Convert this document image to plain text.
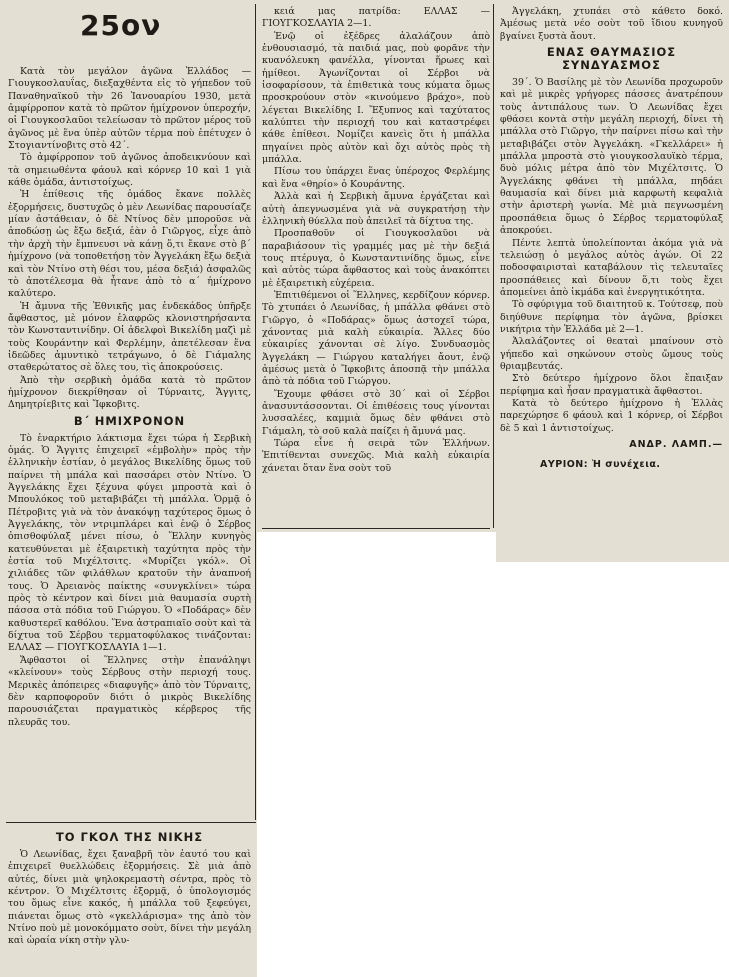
25ον

Κατὰ τὸν μεγάλον ἀγῶνα Ἑλλάδος — Γιουγκοσλαυΐας, διεξαχθέντα εἰς τὸ γήπεδον τοῦ Παναθηναϊκοῦ τὴν 26 Ἰανουαρίου 1930, μετὰ ἀμφίρροπον κατὰ τὸ πρῶτον ἡμίχρονον ὑπεροχήν, οἱ Γιουγκοσλαῦοι τελείωσαν τὸ πρῶτον μέρος τοῦ ἀγῶνος μὲ ἕνα ὑπὲρ αὐτῶν τέρμα ποὺ ἐπέτυχεν ὁ Στογιαντίνοβιτς στὸ 42΄.

Τὸ ἀμφίρροπον τοῦ ἀγῶνος ἀποδεικνύουν καὶ τὰ σημειωθέντα φάουλ καὶ κόρνερ 10 καὶ 1 γιὰ κάθε ὁμάδα, ἀντιστοίχως.

Ἡ ἐπίθεσις τῆς ὁμάδος ἔκανε πολλὲς ἐξορμήσεις, δυστυχῶς ὁ μὲν Λεωνίδας παρουσίαζε μίαν ἀστάθειαν, ὁ δὲ Ντίνος δὲν μποροῦσε νὰ ἀποδώσῃ ὡς ἔξω δεξιά, ἐὰν ὁ Γιῶργος, εἶχε ἀπὸ τὴν ἀρχὴ τὴν ἔμπνευσι νὰ κάνῃ ὅ,τι ἔκανε στὸ β΄ ἡμίχρονο (νὰ τοποθετήσῃ τὸν Ἀγγελάκη ἔξω δεξιὰ καὶ τὸν Ντίνο στὴ θέσι του, μέσα δεξιά) ἀσφαλῶς τὸ ἀποτέλεσμα θὰ ἦτανε ἀπὸ τὸ α΄ ἡμίχρονο καλύτερο.

Ἡ ἄμυνα τῆς Ἐθνικῆς μας ἐνδεκάδος ὑπῆρξε ἄφθαστος, μὲ μόνον ἐλαφρῶς κλονιστηρήσαντα τὸν Κωνσταντινίδην. Οἱ ἀδελφοὶ Βικελίδη μαζὶ μὲ τοὺς Κουράντην καὶ Φερλέμην, ἀπετέλεσαν ἕνα ἰδεῶδες ἀμυντικὸ τετράγωνο, ὁ δὲ Γιάμαλης σταθερώτατος σὲ ὅλες του, τὶς ἀποκρούσεις.

Ἀπὸ τὴν σερβικὴ ὁμάδα κατὰ τὸ πρῶτον ἡμίχρονον διεκρίθησαν οἱ Τύρναιτς, Ἄγγιτς, Δημητρίεβιτς καὶ Ἴφκοβιτς.

Β΄ ΗΜΙΧΡΟΝΟΝ

Τὸ ἐναρκτήριο λάκτισμα ἔχει τώρα ἡ Σερβικὴ ὁμάς. Ὁ Ἄγγιτς ἐπιχειρεῖ «ἐμβολὴν» πρὸς τὴν ἑλληνικὴν ἑστίαν, ὁ μεγάλος Βικελίδης ὅμως τοῦ παίρνει τὴ μπάλα καὶ πασσάρει στὸν Ντίνο. Ὁ Ἀγγελάκης ἔχει ξέχυνα φύγει μπροστὰ καὶ ὁ Μπουλόκος τοῦ μεταβιβάζει τὴ μπάλλα. Ὁρμᾷ ὁ Πέτροβιτς γιὰ νὰ τὸν ἀνακόψῃ ταχύτερος ὅμως ὁ Ἀγγελάκης, τὸν ντριμπλάρει καὶ ἐνῷ ὁ Σέρβος ὀπισθοφύλαξ μένει πίσω, ὁ Ἕλλην κυνηγὸς κατευθύνεται μὲ ἐξαιρετικὴ ταχύτητα πρὸς τὴν ἑστία τοῦ Μιχέλτσιτς. «Μυρίζει γκόλ». Οἱ χιλιάδες τῶν φιλάθλων κρατοῦν τὴν ἀναπνοή τους. Ὁ Ἀρειανὸς παίκτης «συνγκλίνει» τώρα πρὸς τὸ κέντρον καὶ δίνει μιὰ θαυμασία συρτὴ πάσσα στὰ πόδια τοῦ Γιώργου. Ὁ «Ποδάρας» δὲν καθυστερεῖ καθόλου. Ἕνα ἀστραπιαῖο σοὺτ καὶ τὰ δίχτυα τοῦ Σέρβου τερματοφύλακος τινάζονται: ΕΛΛΑΣ — ΓΙΟΥΓΚΟΣΛΑΥΙΑ 1—1.

Ἄφθαστοι οἱ Ἕλληνες στὴν ἐπανάληψι «κλείνουν» τοὺς Σέρβους στὴν περιοχή τους. Μερικὲς ἀπόπειρες «διαφυγῆς» ἀπὸ τὸν Τύρναιτς, δὲν καρποφοροῦν διότι ὁ μικρὸς Βικελίδης παρουσιάζεται πραγματικὸς κέρβερος τῆς πλευρᾶς του.

κειά μας πατρίδα: ΕΛΛΑΣ — ΓΙΟΥΓΚΟΣΛΑΥΙΑ 2—1.

Ἐνῷ οἱ ἐξέδρες ἀλαλάζουν ἀπὸ ἐνθουσιασμό, τὰ παιδιά μας, ποὺ φορᾶνε τὴν κυανόλευκη φανέλλα, γίνονται ἥρωες καὶ ἡμίθεοι. Ἀγωνίζονται οἱ Σέρβοι νὰ ἰσοφαρίσουν, τὰ ἐπιθετικὰ τους κύματα ὅμως προσκρούουν στὸν «κινούμενο βράχο», ποὺ λέγεται Βικελίδης Ι. Ἔξυπνος καὶ ταχύτατος καλύπτει τὴν περιοχή του καὶ καταστρέφει κάθε ἐπίθεσι. Νομίζει κανεὶς ὅτι ἡ μπάλλα πηγαίνει πρὸς αὐτὸν καὶ ὄχι αὐτὸς πρὸς τὴ μπάλλα.

Πίσω του ὑπάρχει ἕνας ὑπέροχος Φερλέμης καὶ ἕνα «θηρίο» ὁ Κουράντης.

Ἀλλὰ καὶ ἡ Σερβικὴ ἄμυνα ἐργάζεται καὶ αὐτὴ ἀπεγνωσμένα γιὰ νὰ συγκρατήσῃ τὴν ἑλληνικὴ θύελλα ποὺ ἀπειλεῖ τὰ δίχτυα της.

Προσπαθοῦν οἱ Γιουγκοσλαῦοι νὰ παραβιάσουν τὶς γραμμές μας μὲ τὴν δεξιά τους πτέρυγα, ὁ Κωνσταντινίδης ὅμως, εἶνε καὶ αὐτὸς τώρα ἄφθαστος καὶ τοὺς ἀνακόπτει μὲ ἐξαιρετικὴ εὐχέρεια.

Ἐπιτιθέμενοι οἱ Ἕλληνες, κερδίζουν κόρνερ. Τὸ χτυπάει ὁ Λεωνίδας, ἡ μπάλλα φθάνει στὸ Γιῶργο, ὁ «Ποδάρας» ὅμως ἀστοχεῖ τώρα, χάνοντας μιὰ καλὴ εὐκαιρία. Ἄλλες δύο εὐκαιρίες χάνονται σὲ λίγο. Συνδυασμὸς Ἀγγελάκη — Γιώργου καταλήγει ἄουτ, ἐνῷ ἀμέσως μετὰ ὁ Ἴφκοβιτς ἀποσπᾷ τὴν μπάλλα ἀπὸ τὰ πόδια τοῦ Γιώργου.

Ἔχουμε φθάσει στὸ 30΄ καὶ οἱ Σέρβοι ἀνασυντάσσονται. Οἱ ἐπιθέσεις τους γίνονται λυσσαλέες, καμμιὰ ὅμως δὲν φθάνει στὸ Γιάμαλη, τὸ σοῦ καλὰ παίζει ἡ ἄμυνά μας.

Τώρα εἶνε ἡ σειρὰ τῶν Ἑλλήνων. Ἐπιτίθενται συνεχῶς. Μιὰ καλὴ εὐκαιρία χάνεται ὅταν ἕνα σοὺτ τοῦ

Ἀγγελάκη, χτυπάει στὸ κάθετο δοκό. Ἀμέσως μετὰ νέο σοὺτ τοῦ ἴδιου κυνηγοῦ βγαίνει ξυστὰ ἄουτ.

ΕΝΑΣ ΘΑΥΜΑΣΙΟΣ ΣΥΝΔΥΑΣΜΟΣ

39΄. Ὁ Βασίλης μὲ τὸν Λεωνίδα προχωροῦν καὶ μὲ μικρὲς γρήγορες πάσσες ἀνατρέπουν τοὺς ἀντιπάλους των. Ὁ Λεωνίδας ἔχει φθάσει κοντὰ στὴν μεγάλη περιοχή, δίνει τὴ μπάλλα στὸ Γιῶργο, τὴν παίρνει πίσω καὶ τὴν μεταβιβάζει στὸν Ἀγγελάκη. «Γκελλάρει» ἡ μπάλλα μπροστὰ στὸ γιουγκοσλαυϊκὸ τέρμα, δυὸ μόλις μέτρα ἀπὸ τὸν Μιχέλτσιτς. Ὁ Ἀγγελάκης φθάνει τὴ μπάλλα, πηδάει θαυμασία καὶ δίνει μιὰ καρφωτὴ κεφαλιὰ στὴν ἀριστερὴ γωνία. Μὲ μιὰ πεγνωσμένη προσπάθεια ὅμως ὁ Σέρβος τερματοφύλαξ ἀποκρούει.

Πέντε λεπτὰ ὑπολείπονται ἀκόμα γιὰ νὰ τελειώσῃ ὁ μεγάλος αὐτὸς ἀγών. Οἱ 22 ποδοσφαιρισταὶ καταβάλουν τὶς τελευταῖες προσπάθειες καὶ δίνουν ὅ,τι τοὺς ἔχει ἀπομείνει ἀπὸ ἰκμάδα καὶ ἐνεργητικότητα.

Τὸ σφύριγμα τοῦ διαιτητοῦ κ. Τούτσεφ, ποὺ διηύθυνε περίφημα τὸν ἀγῶνα, βρίσκει νικήτρια τὴν Ἑλλάδα μὲ 2—1.

Ἀλαλάζοντες οἱ θεαταὶ μπαίνουν στὸ γήπεδο καὶ σηκώνουν στοὺς ὤμους τοὺς θριαμβευτάς.

Στὸ δεύτερο ἡμίχρονο ὅλοι ἔπαιξαν περίφημα καὶ ἦσαν πραγματικὰ ἄφθαστοι.

Κατὰ τὸ δεύτερο ἡμίχρονο ἡ Ἑλλὰς παρεχώρησε 6 φάουλ καὶ 1 κόρνερ, οἱ Σέρβοι δὲ 5 καὶ 1 ἀντιστοίχως.

ΑΝΔΡ. ΛΑΜΠ.—
ΑΥΡΙΟΝ: Ἡ συνέχεια.
ΤΟ ΓΚΟΛ ΤΗΣ ΝΙΚΗΣ

Ὁ Λεωνίδας, ἔχει ξαναβρῆ τὸν ἑαυτό του καὶ ἐπιχειρεῖ θυελλώδεις ἐξορμήσεις. Σὲ μιὰ ἀπὸ αὐτές, δίνει μιὰ ψηλοκρεμαστὴ σέντρα, πρὸς τὸ κέντρον. Ὁ Μιχέλτσιτς ἐξορμᾷ, ὁ ὑπολογισμός του ὅμως εἶνε κακός, ἡ μπάλλα τοῦ ξεφεύγει, πιάνεται ὅμως στὸ «γκελλάρισμα» της ἀπὸ τὸν Ντίνο ποὺ μὲ μονοκόμματο σοὺτ, δίνει τὴν μεγάλη καὶ ὡραία νίκη στὴν γλυ-
